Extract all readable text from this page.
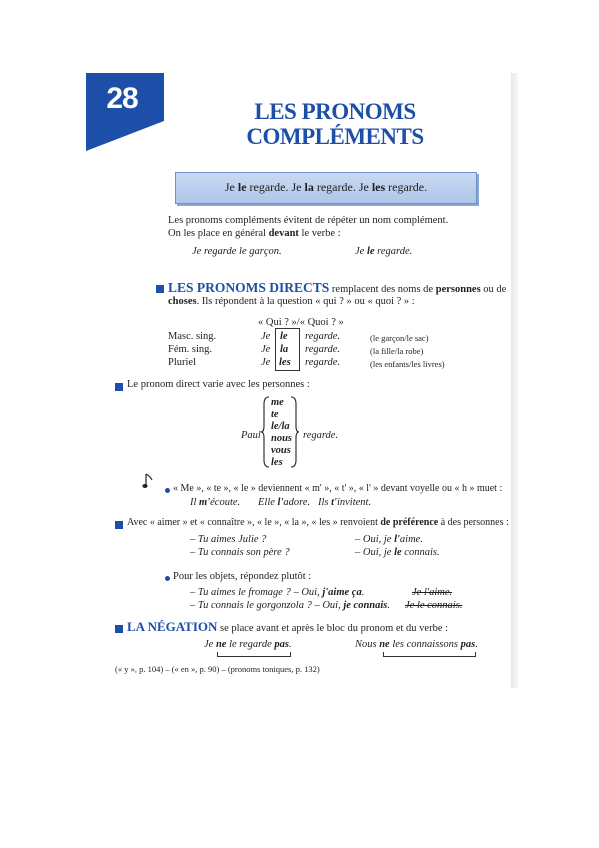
28	LES PRONOMS
COMPLÉMENTS
Je le regarde. Je la regarde. Je les regarde.
Les pronoms compléments évitent de répéter un nom complément.
On les place en général devant le verbe :
Je regarde le garçon.	Je le regarde.
LES PRONOMS DIRECTS remplacent des noms de personnes ou de
choses. Ils répondent à la question « qui ? » ou « quoi ? » :
« Qui ? »/« Quoi ? »
Masc. sing.	Je le regarde.	(le garçon/le sac)
Fém. sing.	Je la regarde.	(la fille/la robe)
Pluriel	Je les regarde.	(les enfants/les livres)
Le pronom direct varie avec les personnes :
Paul
me
te
le/la
nous
vous
les
regarde.
« Me », « te », « le » deviennent « m' », « t' », « l' » devant voyelle ou « h » muet :
Il m'écoute. Elle l'adore. Ils t'invitent.
Avec « aimer » et « connaître », « le », « la », « les » renvoient de préférence à des personnes :
– Tu aimes Julie ?	– Oui, je l'aime.
– Tu connais son père ?	– Oui, je le connais.
Pour les objets, répondez plutôt :
– Tu aimes le fromage ? – Oui, j'aime ça.	Je l'aime.
– Tu connais le gorgonzola ? – Oui, je connais. Je le connais.
LA NÉGATION se place avant et après le bloc du pronom et du verbe :
Je ne le regarde pas.	Nous ne les connaissons pas.
(« y », p. 104) – (« en », p. 90) – (pronoms toniques, p. 132)
